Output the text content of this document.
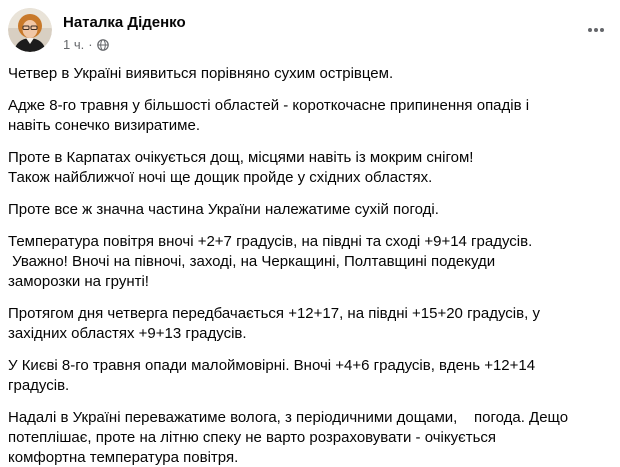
Наталка Діденко
1 ч. ·

Четвер в Україні виявиться порівняно сухим острівцем.

Адже 8-го травня у більшості областей - короткочасне припинення опадів і
навіть сонечко визиратиме.

Проте в Карпатах очікується дощ, місцями навіть із мокрим снігом!
Також найближчої ночі ще дощик пройде у східних областях.

Проте все ж значна частина України належатиме сухій погоді.

Температура повітря вночі +2+7 градусів, на півдні та сході +9+14 градусів.
Уважно! Вночі на півночі, заході, на Черкащині, Полтавщині подекуди
заморозки на грунті!

Протягом дня четверга передбачається +12+17, на півдні +15+20 градусів, у
західних областях +9+13 градусів.

У Києві 8-го травня опади малоймовірні. Вночі +4+6 градусів, вдень +12+14
градусів.

Надалі в Україні переважатиме волога, з періодичними дощами,    погода. Дещо
потеплішає, проте на літню спеку не варто розраховувати - очікується
комфортна температура повітря.
